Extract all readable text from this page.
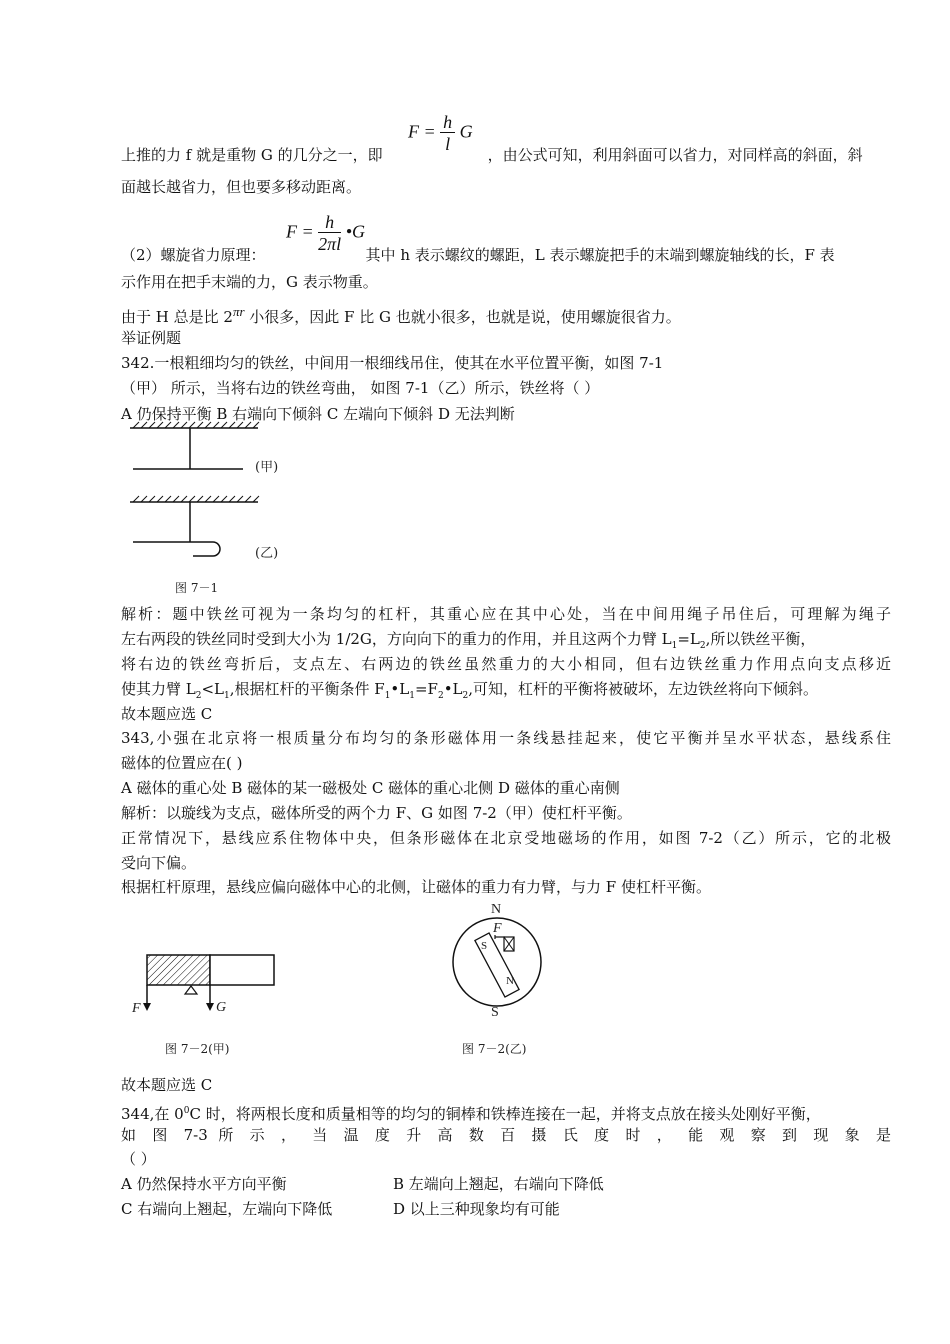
$F = \frac{h}{l}$ G
上推的力 f 就是重物 G 的几分之一，即	，由公式可知，利用斜面可以省力，对同样高的斜面，斜
面越长越省力，但也要多移动距离。
$F = \frac{h}{2\pi l}$ •G
（2）螺旋省力原理：	其中 h 表示螺纹的螺距，L 表示螺旋把手的末端到螺旋轴线的长，F 表
示作用在把手末端的力，G 表示物重。
由于 H 总是比 $2^{\pi r}$ 小很多，因此 F 比 G 也就小很多，也就是说，使用螺旋很省力。
举证例题
342.一根粗细均匀的铁丝，中间用一根细线吊住，使其在水平位置平衡，如图 7-1
（甲） 所示，当将右边的铁丝弯曲， 如图 7-1（乙）所示，铁丝将（ ）
A 仍保持平衡 B 右端向下倾斜 C 左端向下倾斜 D 无法判断
(甲)
(乙)
图 7－1
解析：题中铁丝可视为一条均匀的杠杆，其重心应在其中心处，当在中间用绳子吊住后，可理解为绳子
左右两段的铁丝同时受到大小为 1/2G，方向向下的重力的作用，并且这两个力臂 $L_1=L_2$,所以铁丝平衡，
将右边的铁丝弯折后，支点左、右两边的铁丝虽然重力的大小相同，但右边铁丝重力作用点向支点移近
使其力臂 $L_2<L_1$,根据杠杆的平衡条件 $F_1•L_1=F_2•L_2$,可知，杠杆的平衡将被破坏，左边铁丝将向下倾斜。
故本题应选 C
343,小强在北京将一根质量分布均匀的条形磁体用一条线悬挂起来，使它平衡并呈水平状态，悬线系住
磁体的位置应在( )
A 磁体的重心处 B 磁体的某一磁极处 C 磁体的重心北侧 D 磁体的重心南侧
解析：以璇线为支点，磁体所受的两个力 F、G 如图 7-2（甲）使杠杆平衡。
正常情况下，悬线应系住物体中央，但条形磁体在北京受地磁场的作用，如图 7-2（乙）所示，它的北极
受向下偏。
根据杠杆原理，悬线应偏向磁体中心的北侧，让磁体的重力有力臂，与力 F 使杠杆平衡。
F	G
图 7－2(甲)
N
F
S
N
S
图 7－2(乙)
故本题应选 C
344,在 $0^0C$ 时，将两根长度和质量相等的均匀的铜棒和铁棒连接在一起，并将支点放在接头处刚好平衡，
如 图 7-3 所 示 ， 当 温 度 升 高 数 百 摄 氏 度 时 ， 能 观 察 到 现 象 是
（ ）
A 仍然保持水平方向平衡	B 左端向上翘起，右端向下降低
C 右端向上翘起，左端向下降低	D 以上三种现象均有可能
